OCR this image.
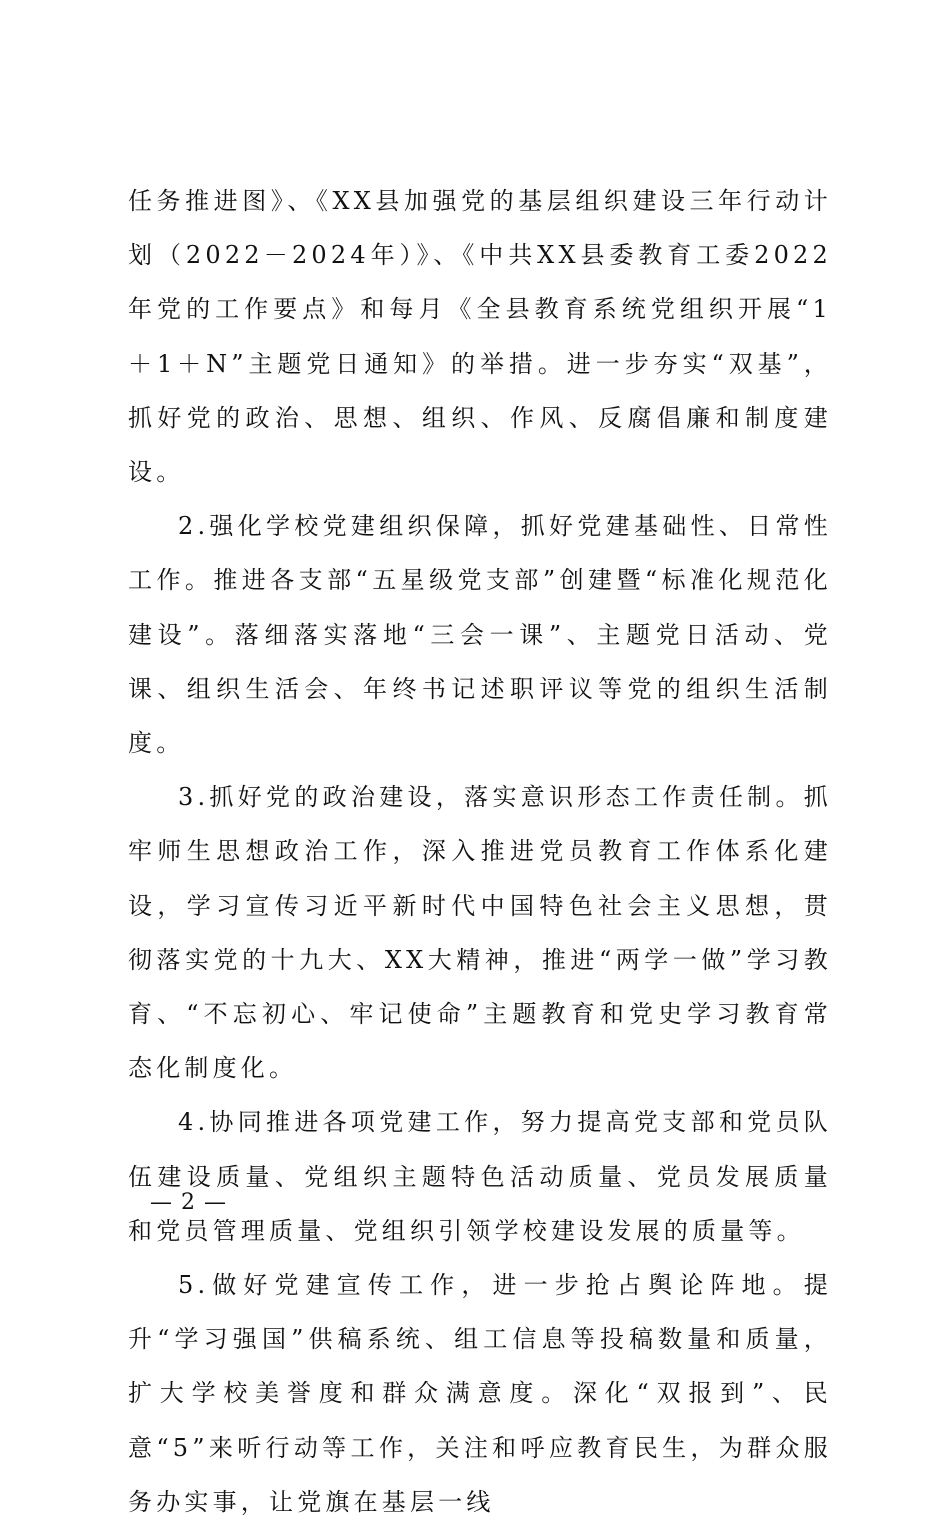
任务推进图》、《XX县加强党的基层组织建设三年行动计划（2022－2024年）》、《中共XX县委教育工委2022年党的工作要点》和每月《全县教育系统党组织开展“1＋1＋N”主题党日通知》的举措。进一步夯实“双基”，抓好党的政治、思想、组织、作风、反腐倡廉和制度建设。

2.强化学校党建组织保障，抓好党建基础性、日常性工作。推进各支部“五星级党支部”创建暨“标准化规范化建设”。落细落实落地“三会一课”、主题党日活动、党课、组织生活会、年终书记述职评议等党的组织生活制度。

3.抓好党的政治建设，落实意识形态工作责任制。抓牢师生思想政治工作，深入推进党员教育工作体系化建设，学习宣传习近平新时代中国特色社会主义思想，贯彻落实党的十九大、XX大精神，推进“两学一做”学习教育、“不忘初心、牢记使命”主题教育和党史学习教育常态化制度化。

4.协同推进各项党建工作，努力提高党支部和党员队伍建设质量、党组织主题特色活动质量、党员发展质量和党员管理质量、党组织引领学校建设发展的质量等。

5.做好党建宣传工作，进一步抢占舆论阵地。提升“学习强国”供稿系统、组工信息等投稿数量和质量，扩大学校美誉度和群众满意度。深化“双报到”、民意“5”来听行动等工作，关注和呼应教育民生，为群众服务办实事，让党旗在基层一线

— 2 —
